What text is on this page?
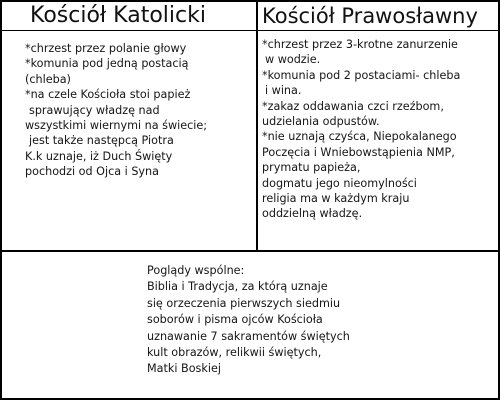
Kościół Katolicki	Kościół Prawosławny
*chrzest przez polanie głowy
*komunia pod jedną postacią
(chleba)
*na czele Kościoła stoi papież
sprawujący władzę nad
wszystkimi wiernymi na świecie;
jest także następcą Piotra
K.k uznaje, iż Duch Święty
pochodzi od Ojca i Syna
*chrzest przez 3-krotne zanurzenie
w wodzie.
*komunia pod 2 postaciami- chleba
i wina.
*zakaz oddawania czci rzeźbom,
udzielania odpustów.
*nie uznają czyśca, Niepokalanego
Poczęcia i Wniebowstąpienia NMP,
prymatu papieża,
dogmatu jego nieomylności
religia ma w każdym kraju
oddzielną władzę.
Poglądy wspólne:
Biblia i Tradycja, za którą uznaje
się orzeczenia pierwszych siedmiu
soborów i pisma ojców Kościoła
uznawanie 7 sakramentów świętych
kult obrazów, relikwii świętych,
Matki Boskiej
